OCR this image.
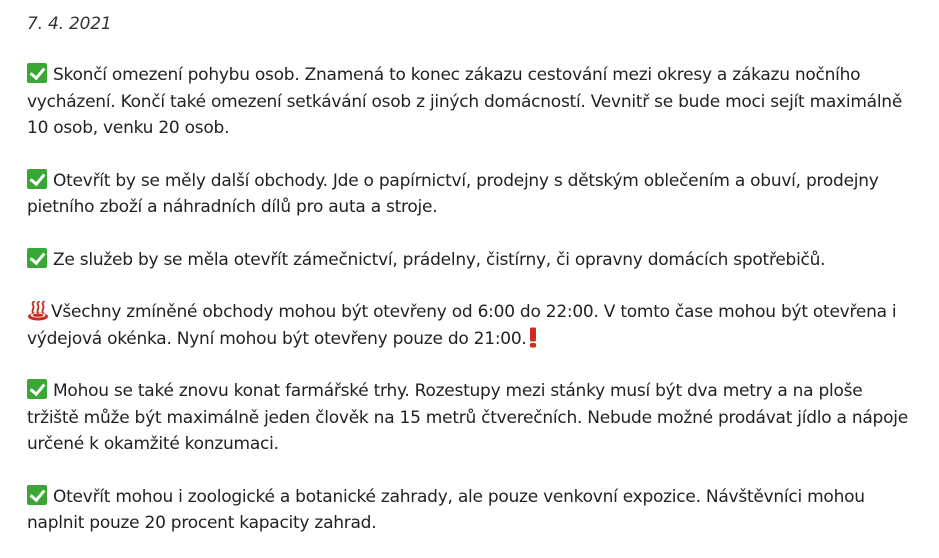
7. 4. 2021

Skončí omezení pohybu osob. Znamená to konec zákazu cestování mezi okresy a zákazu nočního vycházení. Končí také omezení setkávání osob z jiných domácností. Vevnitř se bude moci sejít maximálně 10 osob, venku 20 osob.

Otevřít by se měly další obchody. Jde o papírnictví, prodejny s dětským oblečením a obuví, prodejny pietního zboží a náhradních dílů pro auta a stroje.

Ze služeb by se měla otevřít zámečnictví, prádelny, čistírny, či opravny domácích spotřebičů.

Všechny zmíněné obchody mohou být otevřeny od 6:00 do 22:00. V tomto čase mohou být otevřena i výdejová okénka. Nyní mohou být otevřeny pouze do 21:00.

Mohou se také znovu konat farmářské trhy. Rozestupy mezi stánky musí být dva metry a na ploše tržiště může být maximálně jeden člověk na 15 metrů čtverečních. Nebude možné prodávat jídlo a nápoje určené k okamžité konzumaci.

Otevřít mohou i zoologické a botanické zahrady, ale pouze venkovní expozice. Návštěvníci mohou naplnit pouze 20 procent kapacity zahrad.
